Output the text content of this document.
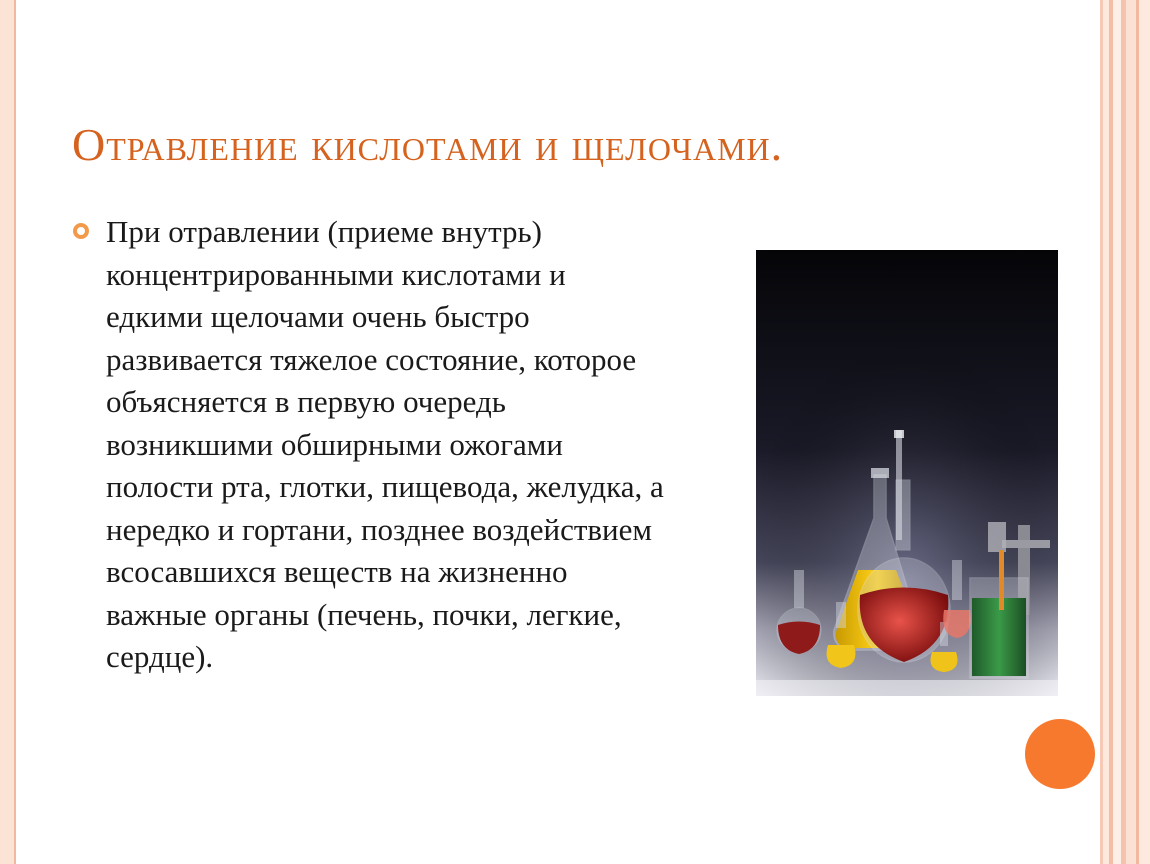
Отравление кислотами и щелочами.

При отравлении (приеме внутрь) концентрированными кислотами и едкими щелочами очень быстро развивается тяжелое состояние, которое объясняется в первую очередь возникшими обширными ожогами полости рта, глотки, пищевода, желудка, а нередко и гортани, позднее воздействием всосавшихся веществ на жизненно важные органы (печень, почки, легкие, сердце).
